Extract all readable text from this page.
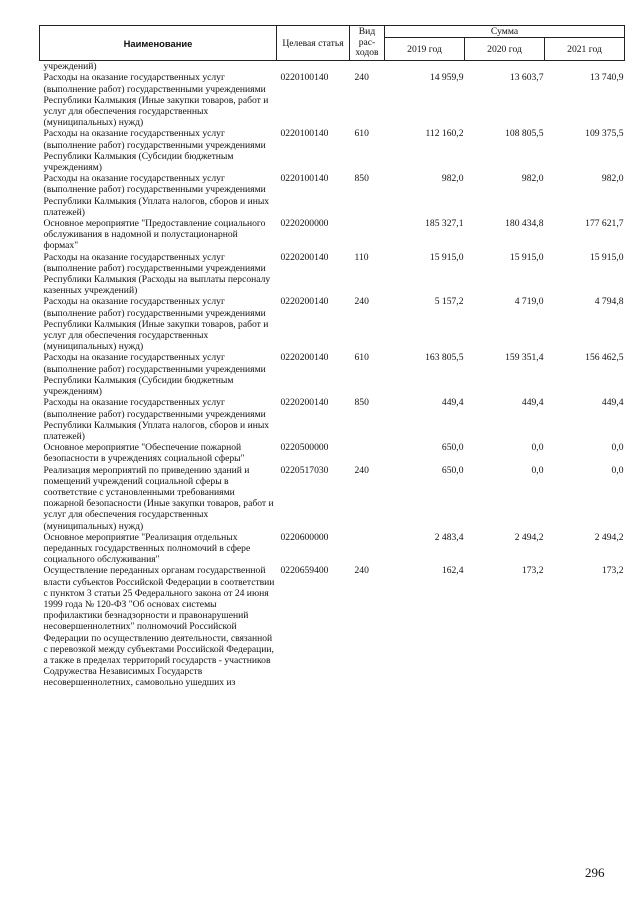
Наименование	Целевая статья	Вид рас-ходов	Сумма		
			2019 год	2020 год	2021 год
учреждений)					
Расходы на оказание государственных услуг (выполнение работ) государственными учреждениями Республики Калмыкия (Иные закупки товаров, работ и услуг для обеспечения государственных (муниципальных) нужд)	0220100140	240	14 959,9	13 603,7	13 740,9
Расходы на оказание государственных услуг (выполнение работ) государственными учреждениями Республики Калмыкия (Субсидии бюджетным учреждениям)	0220100140	610	112 160,2	108 805,5	109 375,5
Расходы на оказание государственных услуг (выполнение работ) государственными учреждениями Республики Калмыкия (Уплата налогов, сборов и иных платежей)	0220100140	850	982,0	982,0	982,0
Основное мероприятие "Предоставление социального обслуживания в надомной и полустационарной формах"	0220200000		185 327,1	180 434,8	177 621,7
Расходы на оказание государственных услуг (выполнение работ) государственными учреждениями Республики Калмыкия (Расходы на выплаты персоналу казенных учреждений)	0220200140	110	15 915,0	15 915,0	15 915,0
Расходы на оказание государственных услуг (выполнение работ) государственными учреждениями Республики Калмыкия (Иные закупки товаров, работ и услуг для обеспечения государственных (муниципальных) нужд)	0220200140	240	5 157,2	4 719,0	4 794,8
Расходы на оказание государственных услуг (выполнение работ) государственными учреждениями Республики Калмыкия (Субсидии бюджетным учреждениям)	0220200140	610	163 805,5	159 351,4	156 462,5
Расходы на оказание государственных услуг (выполнение работ) государственными учреждениями Республики Калмыкия (Уплата налогов, сборов и иных платежей)	0220200140	850	449,4	449,4	449,4
Основное мероприятие "Обеспечение пожарной безопасности в учреждениях социальной сферы"	0220500000		650,0	0,0	0,0
Реализация мероприятий по приведению зданий и помещений учреждений социальной сферы в соответствие с установленными требованиями пожарной безопасности (Иные закупки товаров, работ и услуг для обеспечения государственных (муниципальных) нужд)	0220517030	240	650,0	0,0	0,0
Основное мероприятие "Реализация отдельных переданных государственных полномочий в сфере социального обслуживания"	0220600000		2 483,4	2 494,2	2 494,2
Осуществление переданных органам государственной власти субъектов Российской Федерации в соответствии с пунктом 3 статьи 25 Федерального закона от 24 июня 1999 года № 120-ФЗ "Об основах системы профилактики безнадзорности и правонарушений несовершеннолетних" полномочий Российской Федерации по осуществлению деятельности, связанной с перевозкой между субъектами Российской Федерации, а также в пределах территорий государств - участников Содружества Независимых Государств несовершеннолетних, самовольно ушедших из	0220659400	240	162,4	173,2	173,2
296
